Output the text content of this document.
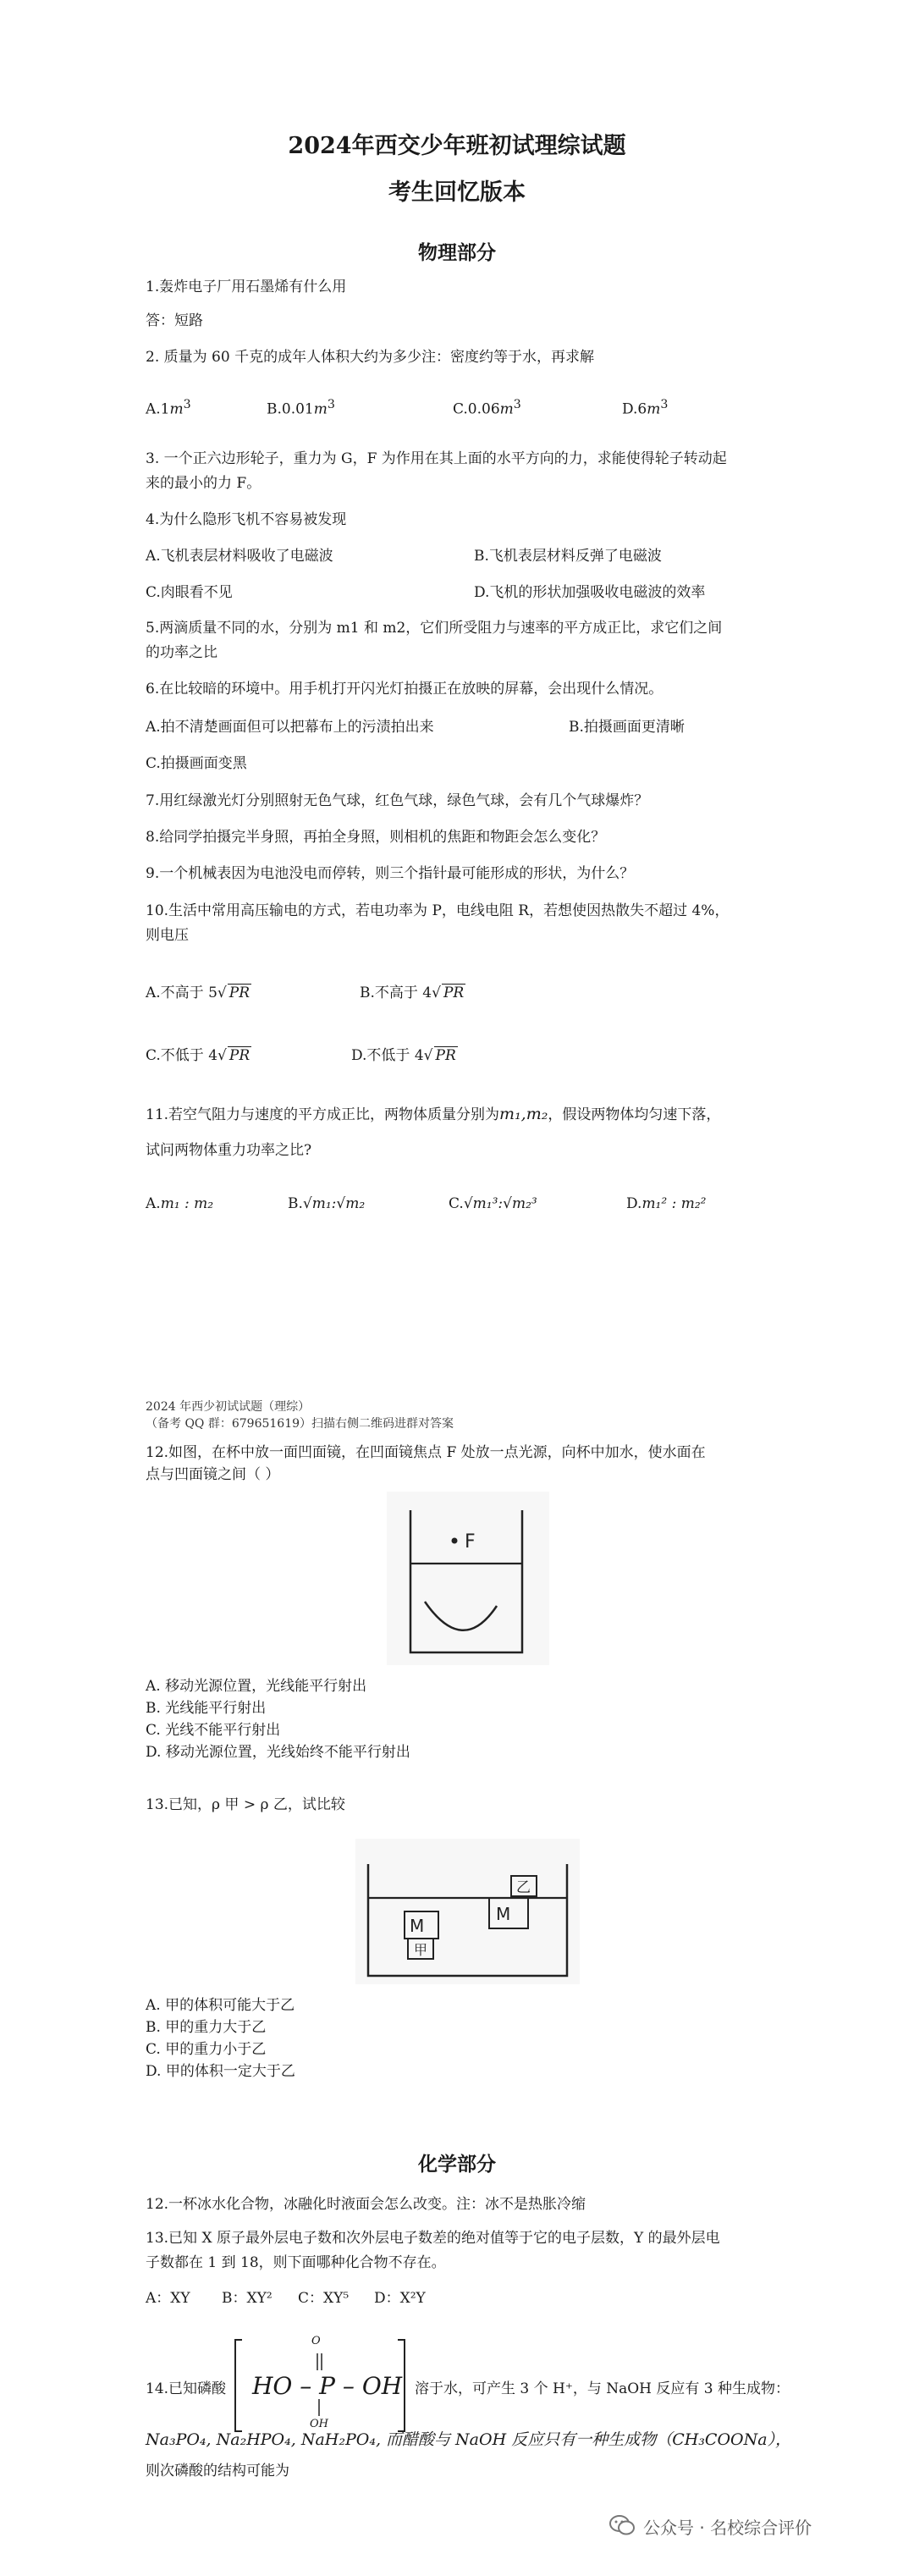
2024年西交少年班初试理综试题
考生回忆版本
物理部分
1.轰炸电子厂用石墨烯有什么用
答：短路
2. 质量为 60 千克的成年人体积大约为多少注：密度约等于水，再求解
$A.1m^3$	$B.0.01m^3$	$C.0.06m^3$	$D.6m^3$
3. 一个正六边形轮子，重力为 G，F 为作用在其上面的水平方向的力，求能使得轮子转动起
来的最小的力 F。
4.为什么隐形飞机不容易被发现
A.飞机表层材料吸收了电磁波	B.飞机表层材料反弹了电磁波
C.肉眼看不见	D.飞机的形状加强吸收电磁波的效率
5.两滴质量不同的水，分别为 m1 和 m2，它们所受阻力与速率的平方成正比，求它们之间
的功率之比
6.在比较暗的环境中。用手机打开闪光灯拍摄正在放映的屏幕，会出现什么情况。
A.拍不清楚画面但可以把幕布上的污渍拍出来	B.拍摄画面更清晰
C.拍摄画面变黑
7.用红绿激光灯分别照射无色气球，红色气球，绿色气球，会有几个气球爆炸？
8.给同学拍摄完半身照，再拍全身照，则相机的焦距和物距会怎么变化？
9.一个机械表因为电池没电而停转，则三个指针最可能形成的形状，为什么？
10.生活中常用高压输电的方式，若电功率为 P，电线电阻 R，若想使因热散失不超过 4%，
则电压
A.不高于 5√ PR	B.不高于 4√ PR
C.不低于 4√ PR	D.不低于 4√ PR
11.若空气阻力与速度的平方成正比，两物体质量分别为m₁,m₂，假设两物体均匀速下落，
试问两物体重力功率之比?
A.m₁ : m₂	B.√m₁:√m₂	C.√m₁³:√m₂³	D.m₁² : m₂²
2024 年西少初试试题（理综）
（备考 QQ 群：679651619）扫描右侧二维码进群对答案
12.如图，在杯中放一面凹面镜，在凹面镜焦点 F 处放一点光源，向杯中加水，使水面在
点与凹面镜之间（ ）
F
A. 移动光源位置，光线能平行射出
B. 光线能平行射出
C. 光线不能平行射出
D. 移动光源位置，光线始终不能平行射出
13.已知，ρ 甲 > ρ 乙，试比较
M
甲
M
乙
A. 甲的体积可能大于乙
B. 甲的重力大于乙
C. 甲的重力小于乙
D. 甲的体积一定大于乙
化学部分
12.一杯冰水化合物，冰融化时液面会怎么改变。注：冰不是热胀冷缩
13.已知 X 原子最外层电子数和次外层电子数差的绝对值等于它的电子层数，Y 的最外层电
子数都在 1 到 18，则下面哪种化合物不存在。
A：XY B：XY² C：XY⁵ D：X²Y
14.已知磷酸
O
HO – P – OH
OH
溶于水，可产生 3 个 H⁺，与 NaOH 反应有 3 种生成物：
Na₃PO₄, Na₂HPO₄, NaH₂PO₄, 而醋酸与 NaOH 反应只有一种生成物（CH₃COONa），
则次磷酸的结构可能为
公众号 · 名校综合评价
